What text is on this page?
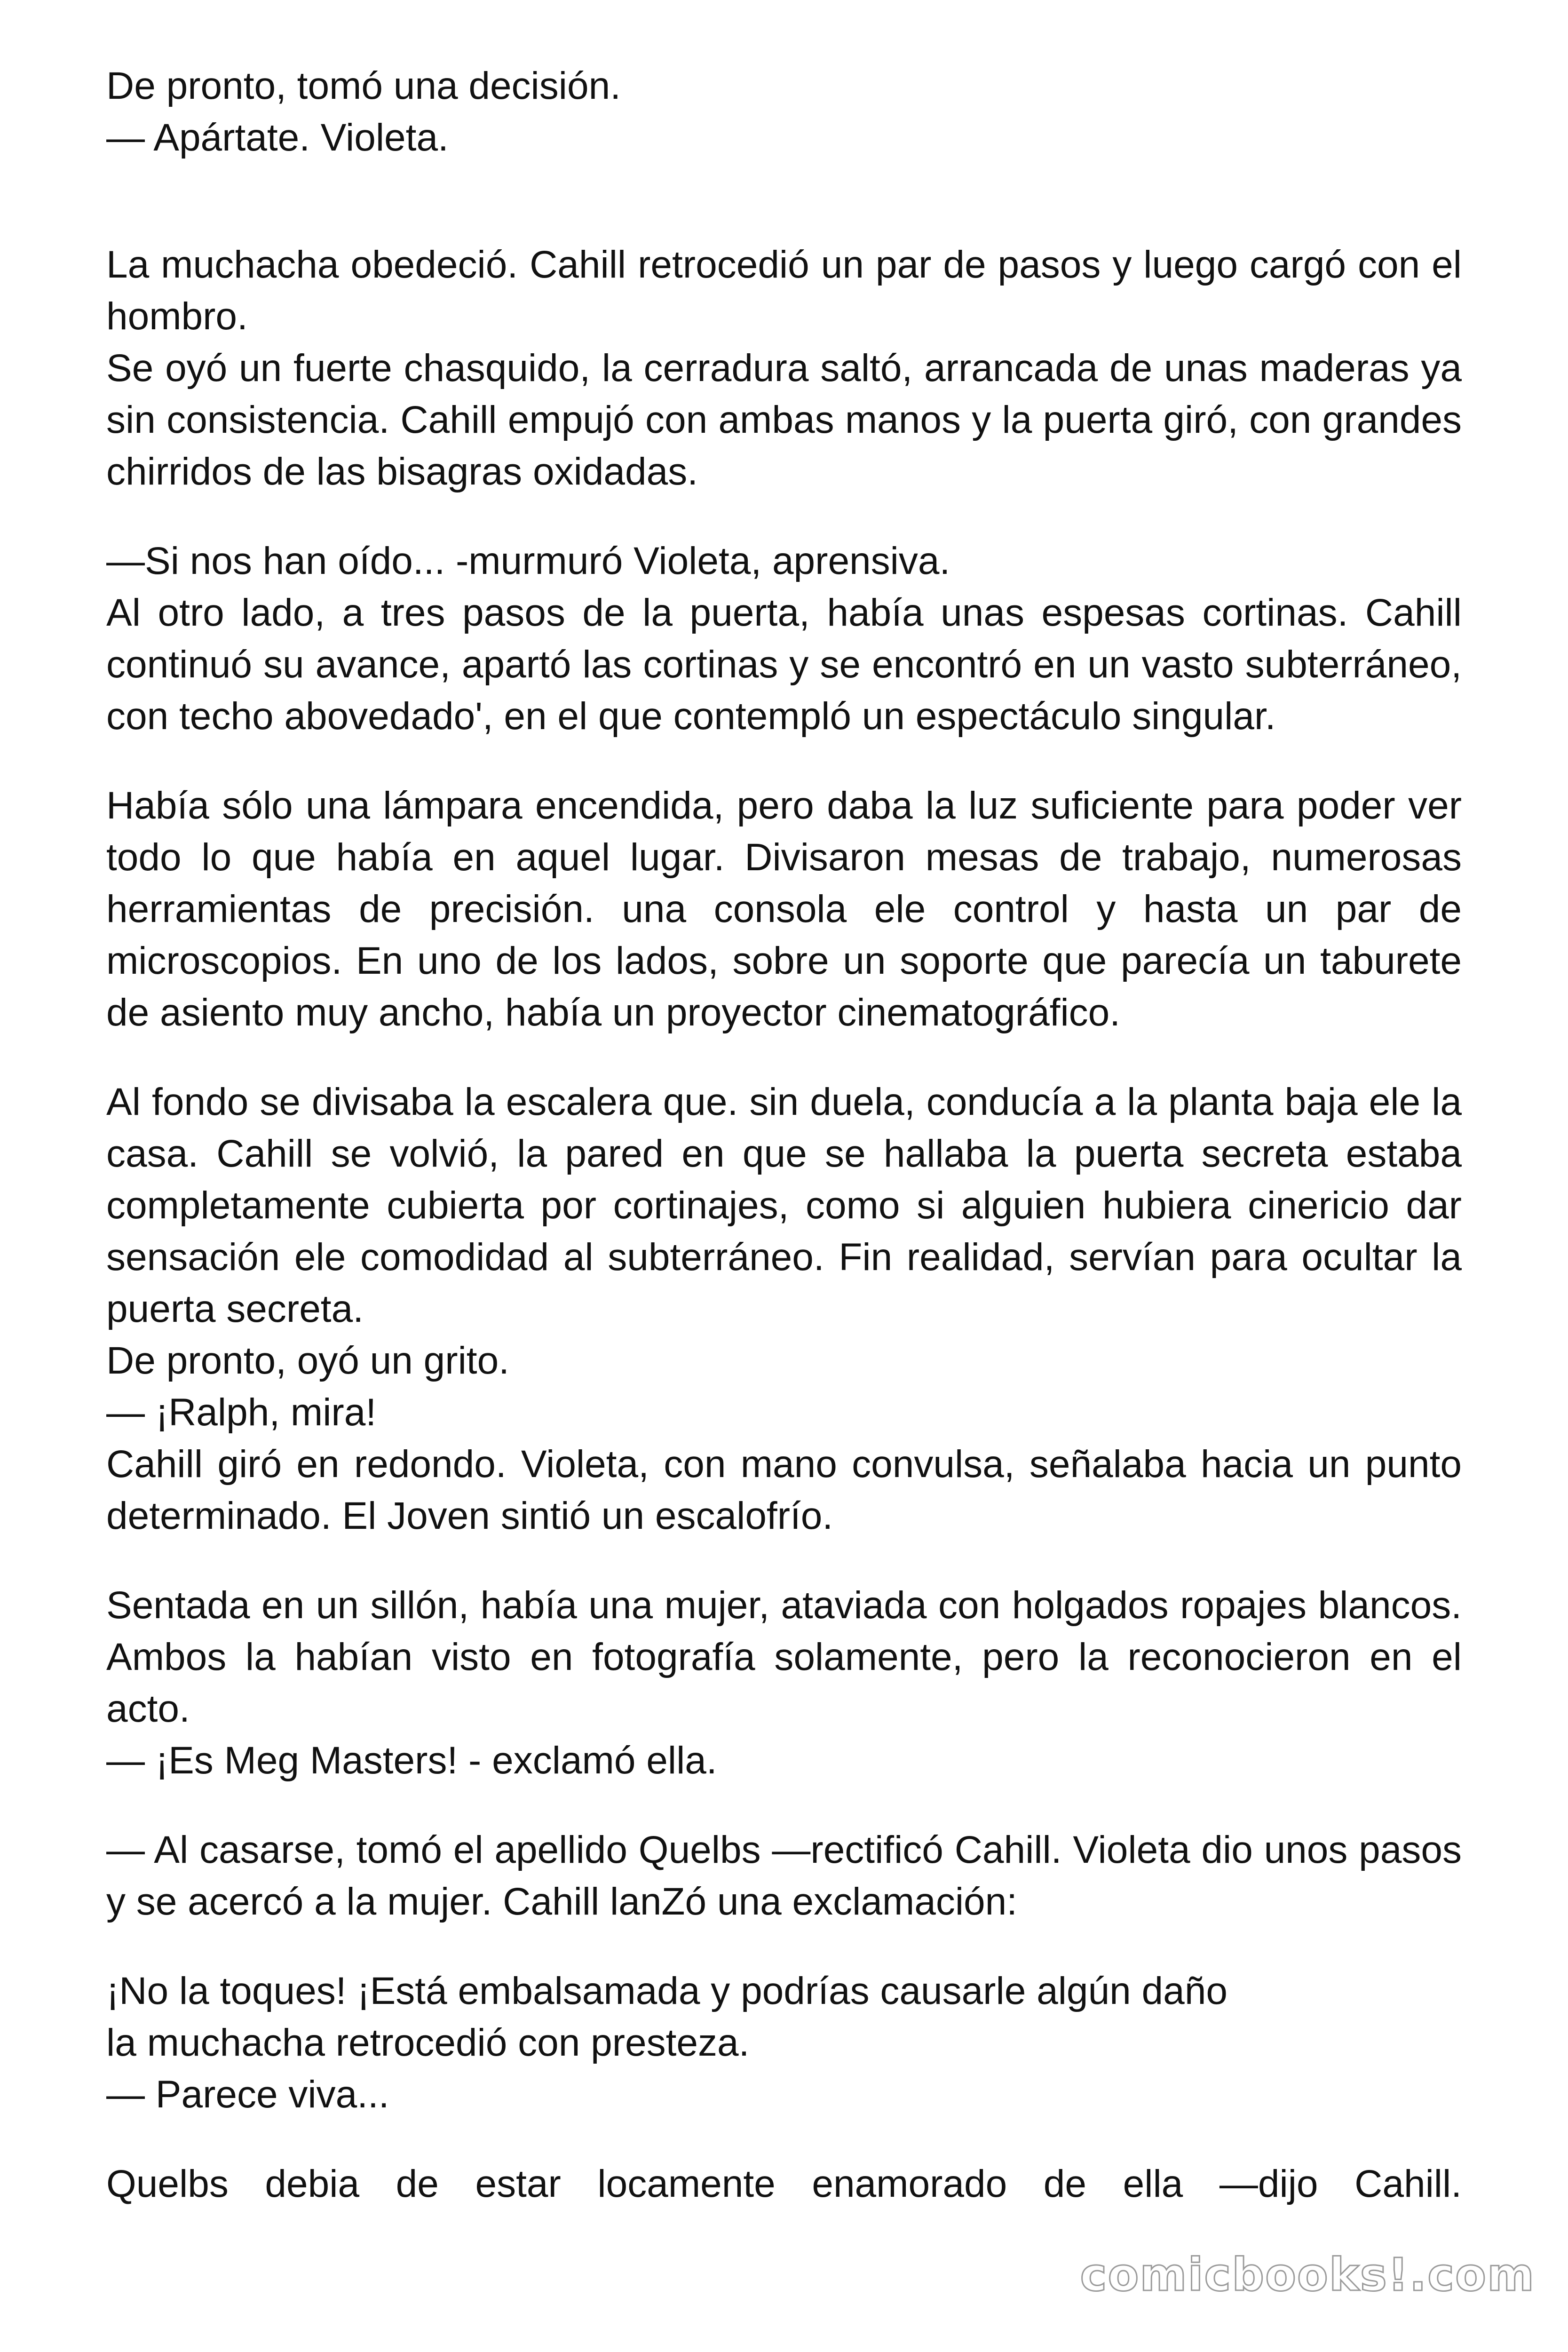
De pronto, tomó una decisión.
— Apártate. Violeta.

La muchacha obedeció. Cahill retrocedió un par de pasos y luego cargó con el hombro.

Se oyó un fuerte chasquido, la cerradura saltó, arrancada de unas maderas ya sin consistencia. Cahill empujó con ambas manos y la puerta giró, con grandes chirridos de las bisagras oxidadas.

—Si nos han oído... -murmuró Violeta, aprensiva.

Al otro lado, a tres pasos de la puerta, había unas espesas cortinas. Cahill continuó su avance, apartó las cortinas y se encontró en un vasto subterráneo, con techo abovedado', en el que contempló un espectáculo singular.

Había sólo una lámpara encendida, pero daba la luz suficiente para poder ver todo lo que había en aquel lugar. Divisaron mesas de trabajo, numerosas herramientas de precisión. una consola ele control y hasta un par de microscopios. En uno de los lados, sobre un soporte que parecía un taburete de asiento muy ancho, había un proyector cinematográfico.

Al fondo se divisaba la escalera que. sin duela, conducía a la planta baja ele la casa. Cahill se volvió, la pared en que se hallaba la puerta secreta estaba completamente cubierta por cortinajes, como si alguien hubiera cinericio dar sensación ele comodidad al subterráneo. Fin realidad, servían para ocultar la puerta secreta.

De pronto, oyó un grito.
— ¡Ralph, mira!

Cahill giró en redondo. Violeta, con mano convulsa, señalaba hacia un punto determinado. El Joven sintió un escalofrío.

Sentada en un sillón, había una mujer, ataviada con holgados ropajes blancos. Ambos la habían visto en fotografía solamente, pero la reconocieron en el acto.

— ¡Es Meg Masters! - exclamó ella.

— Al casarse, tomó el apellido Quelbs —rectificó Cahill. Violeta dio unos pasos y se acercó a la mujer. Cahill lanZó una exclamación:

¡No la toques! ¡Está embalsamada y podrías causarle algún daño
la muchacha retrocedió con presteza.
— Parece viva...

Quelbs debia de estar locamente enamorado de ella —dijo Cahill.

comicbooks!.com
